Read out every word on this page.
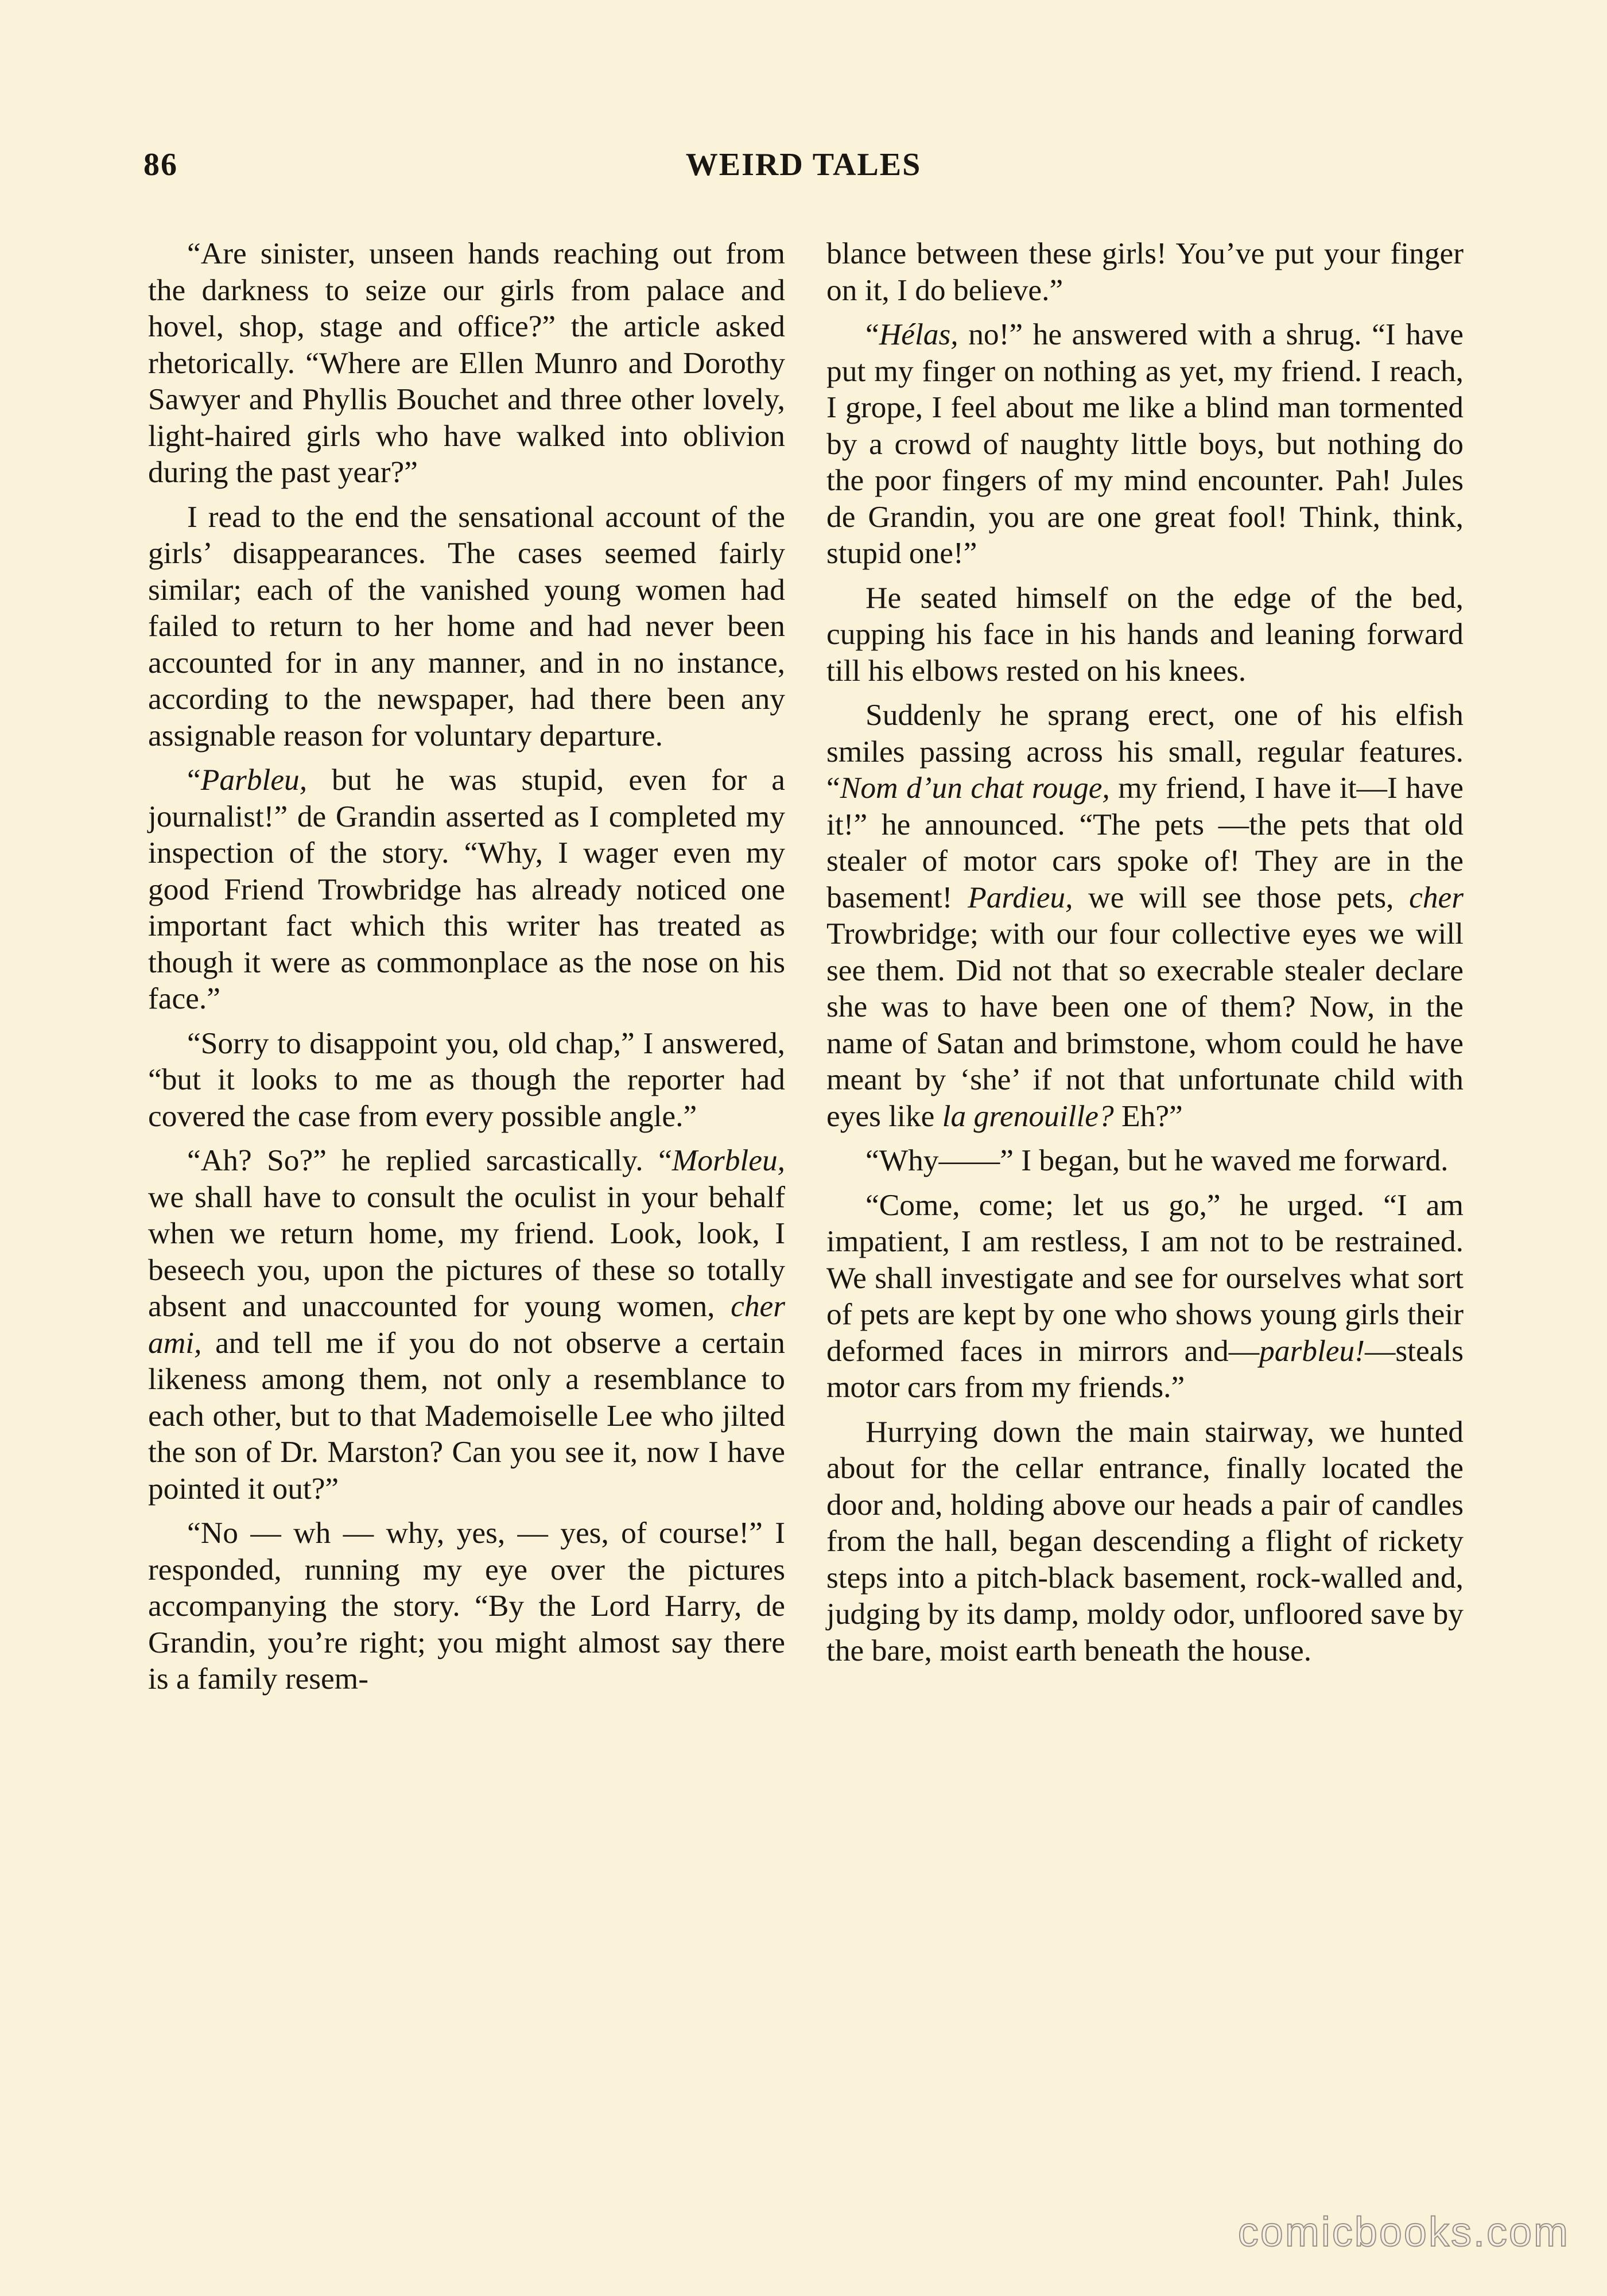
86	WEIRD TALES

“Are sinister, unseen hands reaching out from the darkness to seize our girls from palace and hovel, shop, stage and office?” the article asked rhetorically. “Where are Ellen Munro and Dorothy Sawyer and Phyllis Bouchet and three other lovely, light-haired girls who have walked into oblivion during the past year?”

I read to the end the sensational account of the girls’ disappearances. The cases seemed fairly similar; each of the vanished young women had failed to return to her home and had never been accounted for in any manner, and in no instance, according to the newspaper, had there been any assignable reason for voluntary departure.

“Parbleu, but he was stupid, even for a journalist!” de Grandin asserted as I completed my inspection of the story. “Why, I wager even my good Friend Trowbridge has already noticed one important fact which this writer has treated as though it were as commonplace as the nose on his face.”

“Sorry to disappoint you, old chap,” I answered, “but it looks to me as though the reporter had covered the case from every possible angle.”

“Ah? So?” he replied sarcastically. “Morbleu, we shall have to consult the oculist in your behalf when we return home, my friend. Look, look, I beseech you, upon the pictures of these so totally absent and unaccounted for young women, cher ami, and tell me if you do not observe a certain likeness among them, not only a resemblance to each other, but to that Mademoiselle Lee who jilted the son of Dr. Marston? Can you see it, now I have pointed it out?”

“No — wh — why, yes, — yes, of course!” I responded, running my eye over the pictures accompanying the story. “By the Lord Harry, de Grandin, you’re right; you might almost say there is a family resem-

blance between these girls! You’ve put your finger on it, I do believe.”

“Hélas, no!” he answered with a shrug. “I have put my finger on nothing as yet, my friend. I reach, I grope, I feel about me like a blind man tormented by a crowd of naughty little boys, but nothing do the poor fingers of my mind encounter. Pah! Jules de Grandin, you are one great fool! Think, think, stupid one!”

He seated himself on the edge of the bed, cupping his face in his hands and leaning forward till his elbows rested on his knees.

Suddenly he sprang erect, one of his elfish smiles passing across his small, regular features. “Nom d’un chat rouge, my friend, I have it—I have it!” he announced. “The pets —the pets that old stealer of motor cars spoke of! They are in the basement! Pardieu, we will see those pets, cher Trowbridge; with our four collective eyes we will see them. Did not that so execrable stealer declare she was to have been one of them? Now, in the name of Satan and brimstone, whom could he have meant by ‘she’ if not that unfortunate child with eyes like la grenouille? Eh?”

“Why——” I began, but he waved me forward.

“Come, come; let us go,” he urged. “I am impatient, I am restless, I am not to be restrained. We shall investigate and see for ourselves what sort of pets are kept by one who shows young girls their deformed faces in mirrors and—parbleu!—steals motor cars from my friends.”

Hurrying down the main stairway, we hunted about for the cellar entrance, finally located the door and, holding above our heads a pair of candles from the hall, began descending a flight of rickety steps into a pitch-black basement, rock-walled and, judging by its damp, moldy odor, unfloored save by the bare, moist earth beneath the house.

comicbooks.com
